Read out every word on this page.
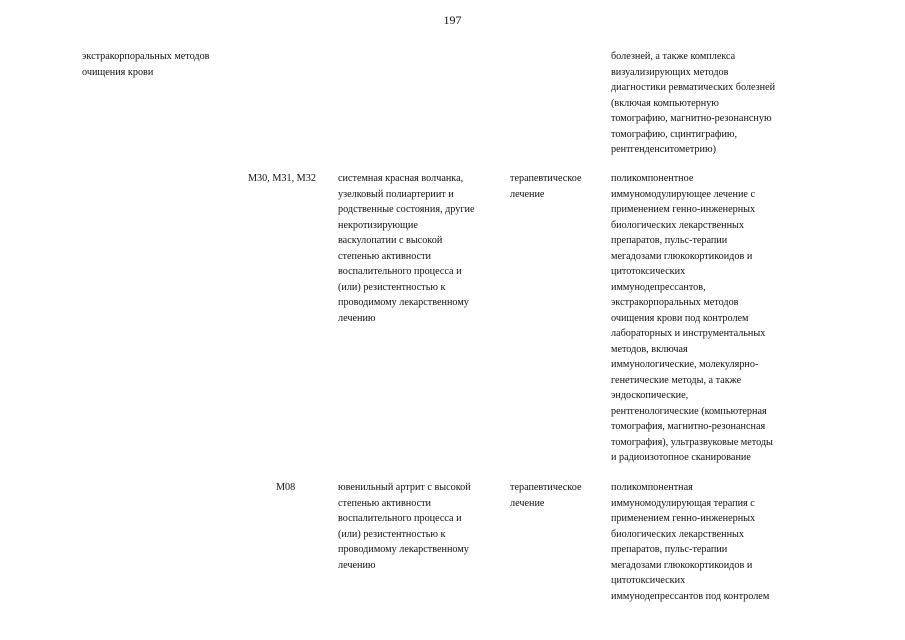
197
экстракорпоральных методов
очищения крови
болезней, а также комплекса
визуализирующих методов
диагностики ревматических болезней
(включая компьютерную
томографию, магнитно-резонансную
томографию, сцинтиграфию,
рентгенденситометрию)
M30, M31, M32	системная красная волчанка,
узелковый полиартериит и
родственные состояния, другие
некротизирующие
васкулопатии с высокой
степенью активности
воспалительного процесса и
(или) резистентностью к
проводимому лекарственному
лечению
терапевтическое
лечение
поликомпонентное
иммуномодулирующее лечение с
применением генно-инженерных
биологических лекарственных
препаратов, пульс-терапии
мегадозами глюкокортикоидов и
цитотоксических
иммунодепрессантов,
экстракорпоральных методов
очищения крови под контролем
лабораторных и инструментальных
методов, включая
иммунологические, молекулярно-
генетические методы, а также
эндоскопические,
рентгенологические (компьютерная
томография, магнитно-резонансная
томография), ультразвуковые методы
и радиоизотопное сканирование
M08	ювенильный артрит с высокой
степенью активности
воспалительного процесса и
(или) резистентностью к
проводимому лекарственному
лечению
терапевтическое
лечение
поликомпонентная
иммуномодулирующая терапия с
применением генно-инженерных
биологических лекарственных
препаратов, пульс-терапии
мегадозами глюкокортикоидов и
цитотоксических
иммунодепрессантов под контролем
